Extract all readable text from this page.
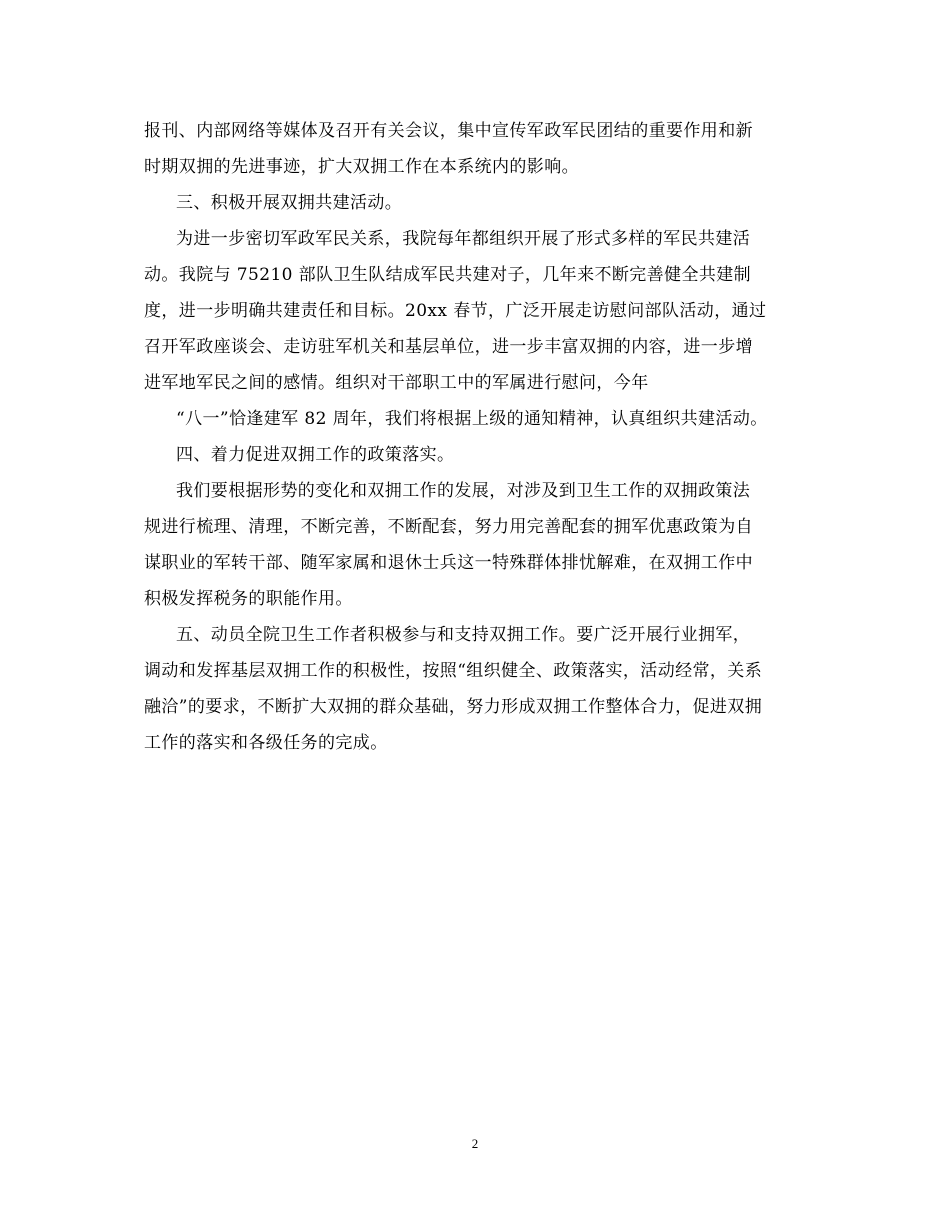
报刊、内部网络等媒体及召开有关会议，集中宣传军政军民团结的重要作用和新
时期双拥的先进事迹，扩大双拥工作在本系统内的影响。
三、积极开展双拥共建活动。
为进一步密切军政军民关系，我院每年都组织开展了形式多样的军民共建活
动。我院与 75210 部队卫生队结成军民共建对子，几年来不断完善健全共建制
度，进一步明确共建责任和目标。20xx 春节，广泛开展走访慰问部队活动，通过
召开军政座谈会、走访驻军机关和基层单位，进一步丰富双拥的内容，进一步增
进军地军民之间的感情。组织对干部职工中的军属进行慰问，今年
“八一”恰逢建军 82 周年，我们将根据上级的通知精神，认真组织共建活动。
四、着力促进双拥工作的政策落实。
我们要根据形势的变化和双拥工作的发展，对涉及到卫生工作的双拥政策法
规进行梳理、清理，不断完善，不断配套，努力用完善配套的拥军优惠政策为自
谋职业的军转干部、随军家属和退休士兵这一特殊群体排忧解难，在双拥工作中
积极发挥税务的职能作用。
五、动员全院卫生工作者积极参与和支持双拥工作。要广泛开展行业拥军，
调动和发挥基层双拥工作的积极性，按照“组织健全、政策落实，活动经常，关系
融洽”的要求，不断扩大双拥的群众基础，努力形成双拥工作整体合力，促进双拥
工作的落实和各级任务的完成。
2
